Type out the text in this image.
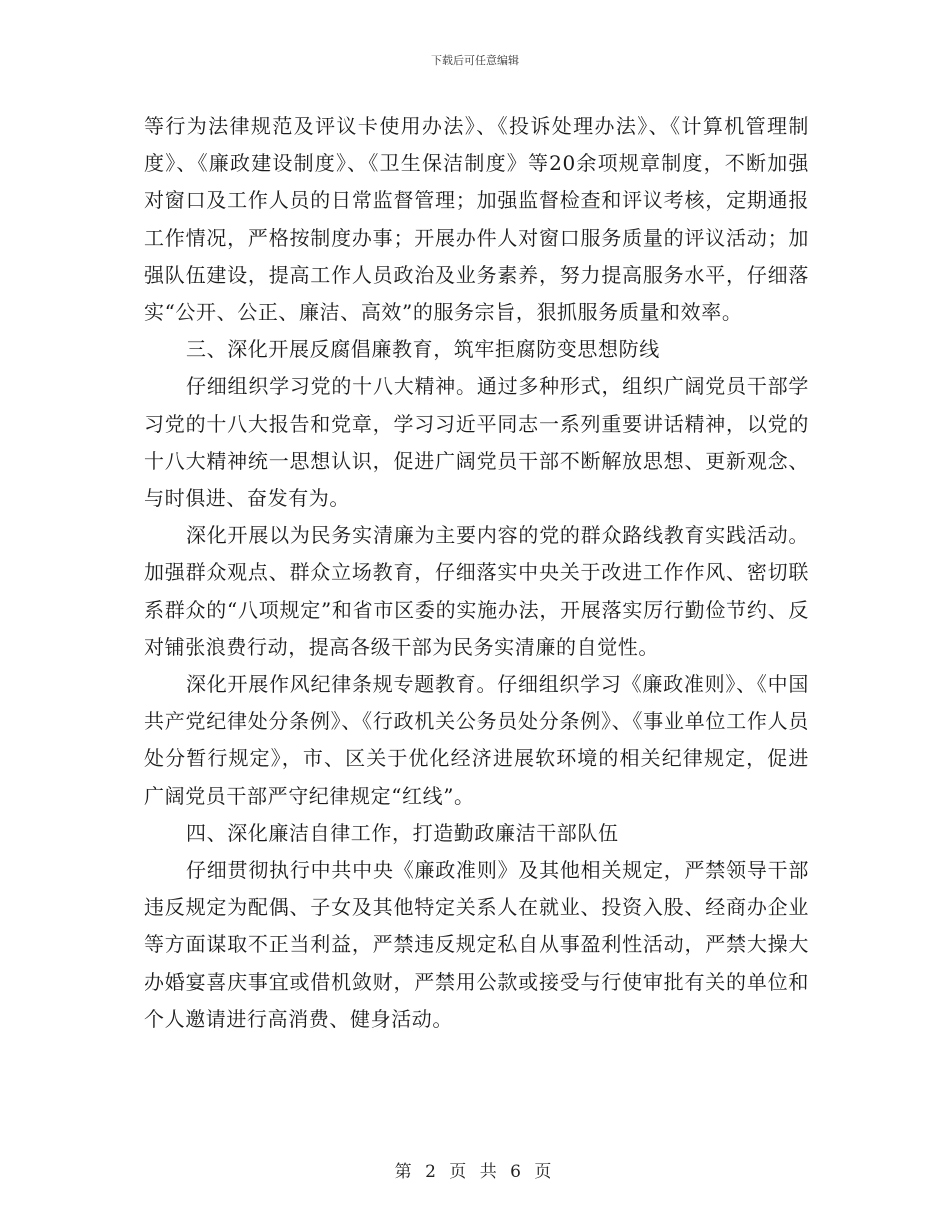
下载后可任意编辑

等行为法律规范及评议卡使用办法》、《投诉处理办法》、《计算机管理制度》、《廉政建设制度》、《卫生保洁制度》等20余项规章制度，不断加强对窗口及工作人员的日常监督管理；加强监督检查和评议考核，定期通报工作情况，严格按制度办事；开展办件人对窗口服务质量的评议活动；加强队伍建设，提高工作人员政治及业务素养，努力提高服务水平，仔细落实“公开、公正、廉洁、高效”的服务宗旨，狠抓服务质量和效率。

三、深化开展反腐倡廉教育，筑牢拒腐防变思想防线

仔细组织学习党的十八大精神。通过多种形式，组织广阔党员干部学习党的十八大报告和党章，学习习近平同志一系列重要讲话精神，以党的十八大精神统一思想认识，促进广阔党员干部不断解放思想、更新观念、与时俱进、奋发有为。

深化开展以为民务实清廉为主要内容的党的群众路线教育实践活动。加强群众观点、群众立场教育，仔细落实中央关于改进工作作风、密切联系群众的“八项规定”和省市区委的实施办法，开展落实厉行勤俭节约、反对铺张浪费行动，提高各级干部为民务实清廉的自觉性。

深化开展作风纪律条规专题教育。仔细组织学习《廉政准则》、《中国共产党纪律处分条例》、《行政机关公务员处分条例》、《事业单位工作人员处分暂行规定》，市、区关于优化经济进展软环境的相关纪律规定，促进广阔党员干部严守纪律规定“红线”。

四、深化廉洁自律工作，打造勤政廉洁干部队伍

仔细贯彻执行中共中央《廉政准则》及其他相关规定，严禁领导干部违反规定为配偶、子女及其他特定关系人在就业、投资入股、经商办企业等方面谋取不正当利益，严禁违反规定私自从事盈利性活动，严禁大操大办婚宴喜庆事宜或借机敛财，严禁用公款或接受与行使审批有关的单位和个人邀请进行高消费、健身活动。

第 2 页 共 6 页
